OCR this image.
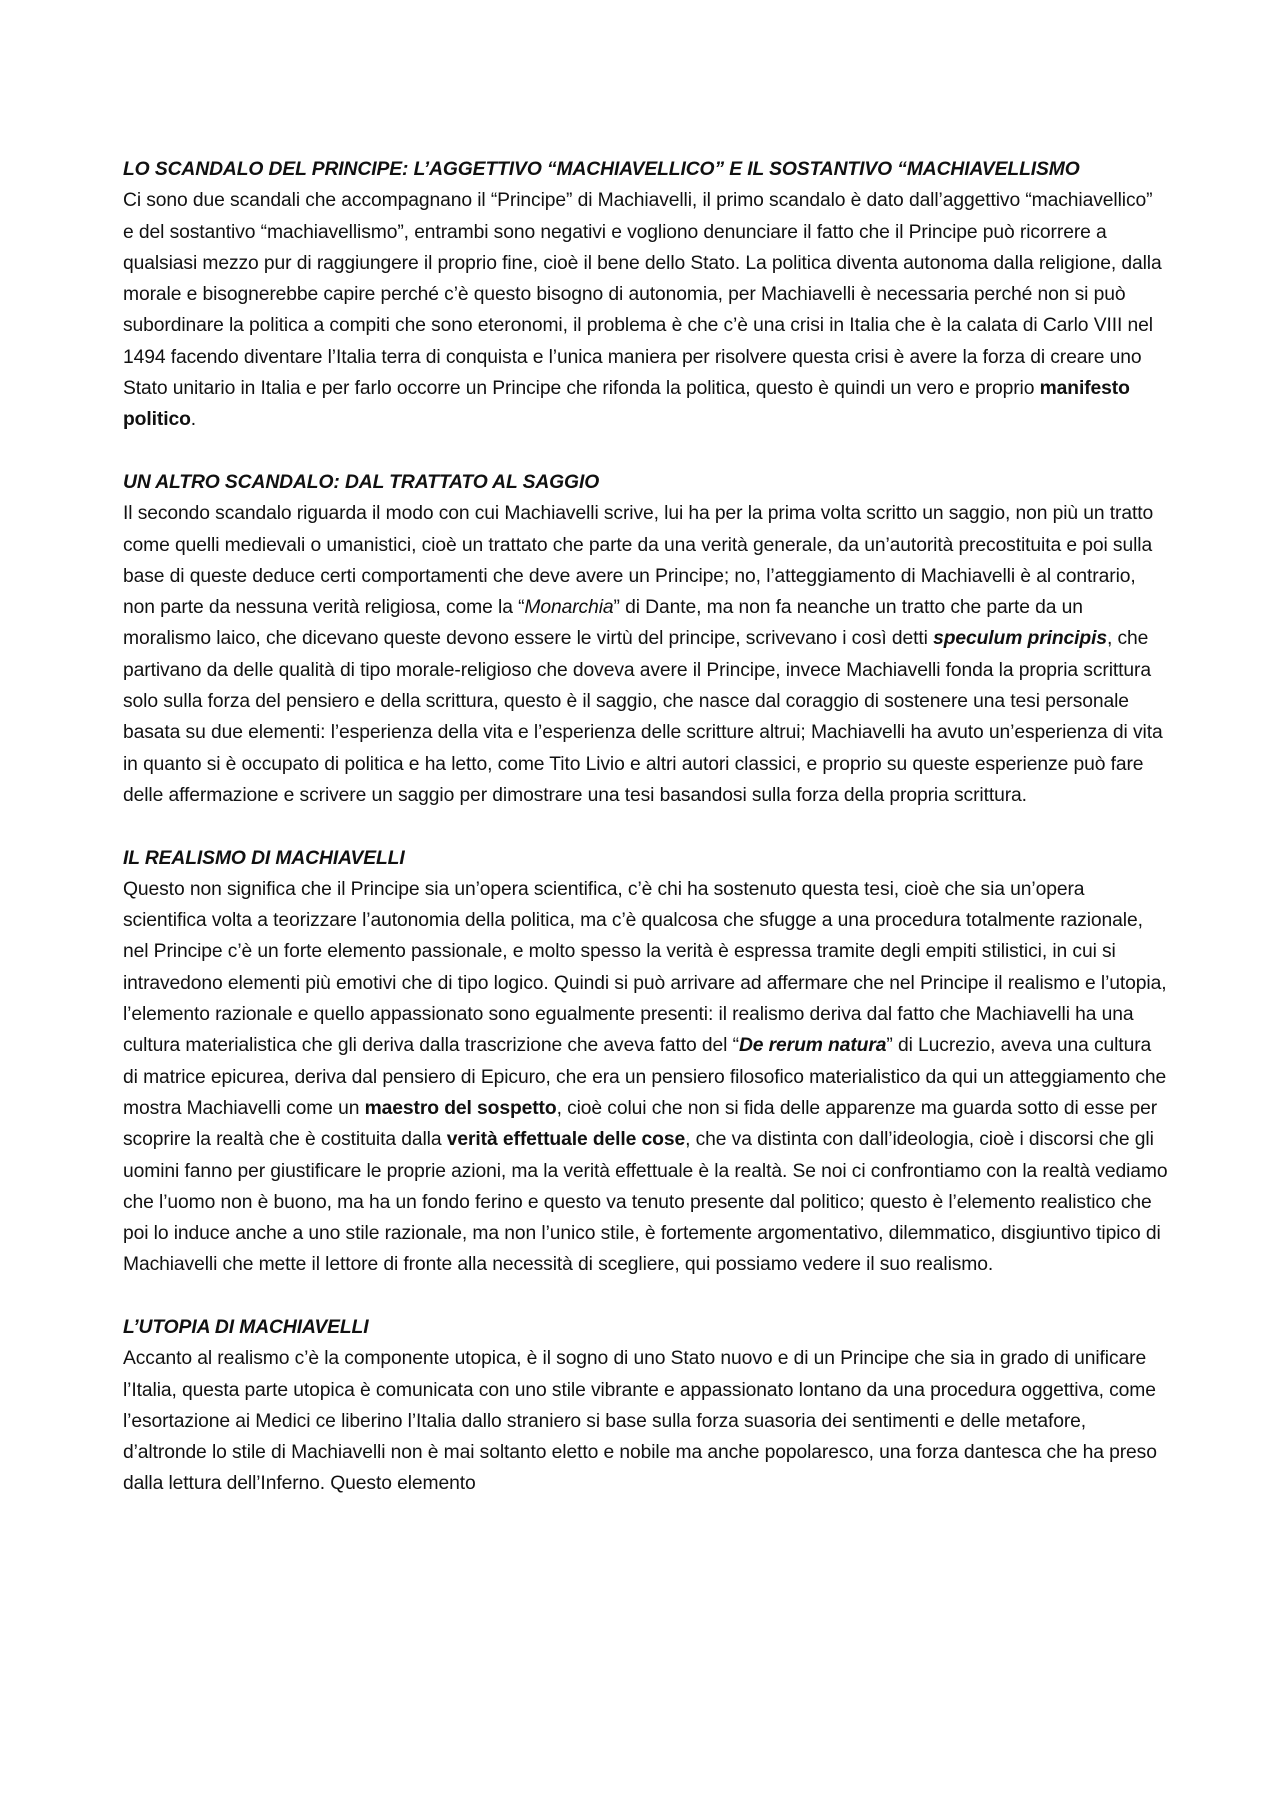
LO SCANDALO DEL PRINCIPE: L’AGGETTIVO “MACHIAVELLICO” E IL SOSTANTIVO “MACHIAVELLISMO

Ci sono due scandali che accompagnano il “Principe” di Machiavelli, il primo scandalo è dato dall’aggettivo “machiavellico” e del sostantivo “machiavellismo”, entrambi sono negativi e vogliono denunciare il fatto che il Principe può ricorrere a qualsiasi mezzo pur di raggiungere il proprio fine, cioè il bene dello Stato. La politica diventa autonoma dalla religione, dalla morale e bisognerebbe capire perché c’è questo bisogno di autonomia, per Machiavelli è necessaria perché non si può subordinare la politica a compiti che sono eteronomi, il problema è che c’è una crisi in Italia che è la calata di Carlo VIII nel 1494 facendo diventare l’Italia terra di conquista e l’unica maniera per risolvere questa crisi è avere la forza di creare uno Stato unitario in Italia e per farlo occorre un Principe che rifonda la politica, questo è quindi un vero e proprio manifesto politico.

UN ALTRO SCANDALO: DAL TRATTATO AL SAGGIO

Il secondo scandalo riguarda il modo con cui Machiavelli scrive, lui ha per la prima volta scritto un saggio, non più un tratto come quelli medievali o umanistici, cioè un trattato che parte da una verità generale, da un’autorità precostituita e poi sulla base di queste deduce certi comportamenti che deve avere un Principe; no, l’atteggiamento di Machiavelli è al contrario, non parte da nessuna verità religiosa, come la “Monarchia” di Dante, ma non fa neanche un tratto che parte da un moralismo laico, che dicevano queste devono essere le virtù del principe, scrivevano i così detti speculum principis, che partivano da delle qualità di tipo morale-religioso che doveva avere il Principe, invece Machiavelli fonda la propria scrittura solo sulla forza del pensiero e della scrittura, questo è il saggio, che nasce dal coraggio di sostenere una tesi personale basata su due elementi: l’esperienza della vita e l’esperienza delle scritture altrui; Machiavelli ha avuto un’esperienza di vita in quanto si è occupato di politica e ha letto, come Tito Livio e altri autori classici, e proprio su queste esperienze può fare delle affermazione e scrivere un saggio per dimostrare una tesi basandosi sulla forza della propria scrittura.

IL REALISMO DI MACHIAVELLI

Questo non significa che il Principe sia un’opera scientifica, c’è chi ha sostenuto questa tesi, cioè che sia un’opera scientifica volta a teorizzare l’autonomia della politica, ma c’è qualcosa che sfugge a una procedura totalmente razionale, nel Principe c’è un forte elemento passionale, e molto spesso la verità è espressa tramite degli empiti stilistici, in cui si intravedono elementi più emotivi che di tipo logico. Quindi si può arrivare ad affermare che nel Principe il realismo e l’utopia, l’elemento razionale e quello appassionato sono egualmente presenti: il realismo deriva dal fatto che Machiavelli ha una cultura materialistica che gli deriva dalla trascrizione che aveva fatto del “De rerum natura” di Lucrezio, aveva una cultura di matrice epicurea, deriva dal pensiero di Epicuro, che era un pensiero filosofico materialistico da qui un atteggiamento che mostra Machiavelli come un maestro del sospetto, cioè colui che non si fida delle apparenze ma guarda sotto di esse per scoprire la realtà che è costituita dalla verità effettuale delle cose, che va distinta con dall’ideologia, cioè i discorsi che gli uomini fanno per giustificare le proprie azioni, ma la verità effettuale è la realtà. Se noi ci confrontiamo con la realtà vediamo che l’uomo non è buono, ma ha un fondo ferino e questo va tenuto presente dal politico; questo è l’elemento realistico che poi lo induce anche a uno stile razionale, ma non l’unico stile, è fortemente argomentativo, dilemmatico, disgiuntivo tipico di Machiavelli che mette il lettore di fronte alla necessità di scegliere, qui possiamo vedere il suo realismo.

L’UTOPIA DI MACHIAVELLI

Accanto al realismo c’è la componente utopica, è il sogno di uno Stato nuovo e di un Principe che sia in grado di unificare l’Italia, questa parte utopica è comunicata con uno stile vibrante e appassionato lontano da una procedura oggettiva, come l’esortazione ai Medici ce liberino l’Italia dallo straniero si base sulla forza suasoria dei sentimenti e delle metafore, d’altronde lo stile di Machiavelli non è mai soltanto eletto e nobile ma anche popolaresco, una forza dantesca che ha preso dalla lettura dell’Inferno. Questo elemento
